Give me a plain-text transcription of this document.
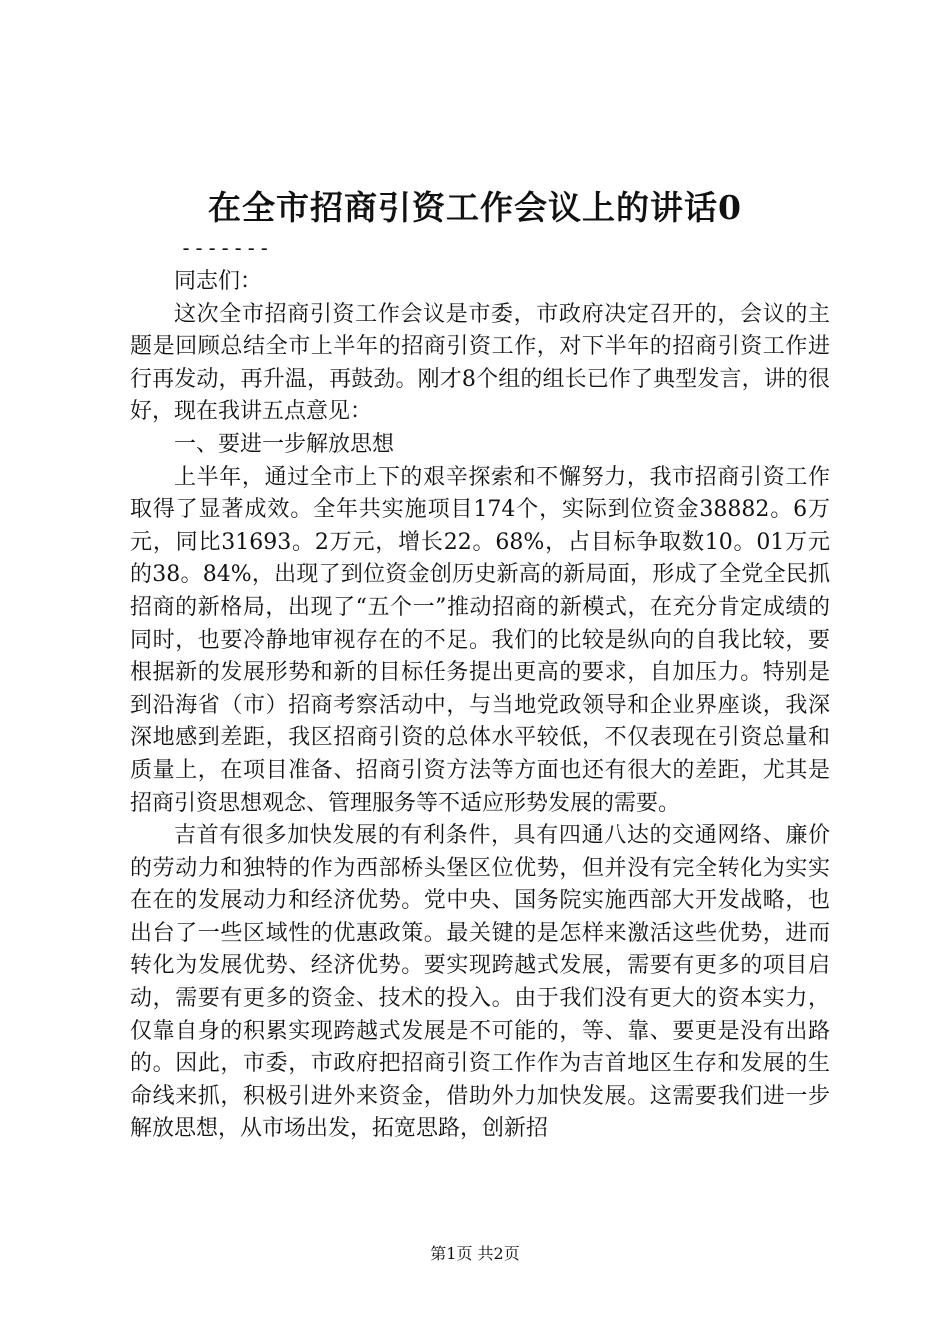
在全市招商引资工作会议上的讲话0
-------

同志们：

这次全市招商引资工作会议是市委，市政府决定召开的，会议的主题是回顾总结全市上半年的招商引资工作，对下半年的招商引资工作进行再发动，再升温，再鼓劲。刚才8个组的组长已作了典型发言，讲的很好，现在我讲五点意见：

一、要进一步解放思想

上半年，通过全市上下的艰辛探索和不懈努力，我市招商引资工作取得了显著成效。全年共实施项目174个，实际到位资金38882。6万元，同比31693。2万元，增长22。68%，占目标争取数10。01万元的38。84%，出现了到位资金创历史新高的新局面，形成了全党全民抓招商的新格局，出现了“五个一”推动招商的新模式，在充分肯定成绩的同时，也要冷静地审视存在的不足。我们的比较是纵向的自我比较，要根据新的发展形势和新的目标任务提出更高的要求，自加压力。特别是到沿海省（市）招商考察活动中，与当地党政领导和企业界座谈，我深深地感到差距，我区招商引资的总体水平较低，不仅表现在引资总量和质量上，在项目准备、招商引资方法等方面也还有很大的差距，尤其是招商引资思想观念、管理服务等不适应形势发展的需要。

吉首有很多加快发展的有利条件，具有四通八达的交通网络、廉价的劳动力和独特的作为西部桥头堡区位优势，但并没有完全转化为实实在在的发展动力和经济优势。党中央、国务院实施西部大开发战略，也出台了一些区域性的优惠政策。最关键的是怎样来激活这些优势，进而转化为发展优势、经济优势。要实现跨越式发展，需要有更多的项目启动，需要有更多的资金、技术的投入。由于我们没有更大的资本实力，仅靠自身的积累实现跨越式发展是不可能的，等、靠、要更是没有出路的。因此，市委，市政府把招商引资工作作为吉首地区生存和发展的生命线来抓，积极引进外来资金，借助外力加快发展。这需要我们进一步解放思想，从市场出发，拓宽思路，创新招

第1页 共2页
